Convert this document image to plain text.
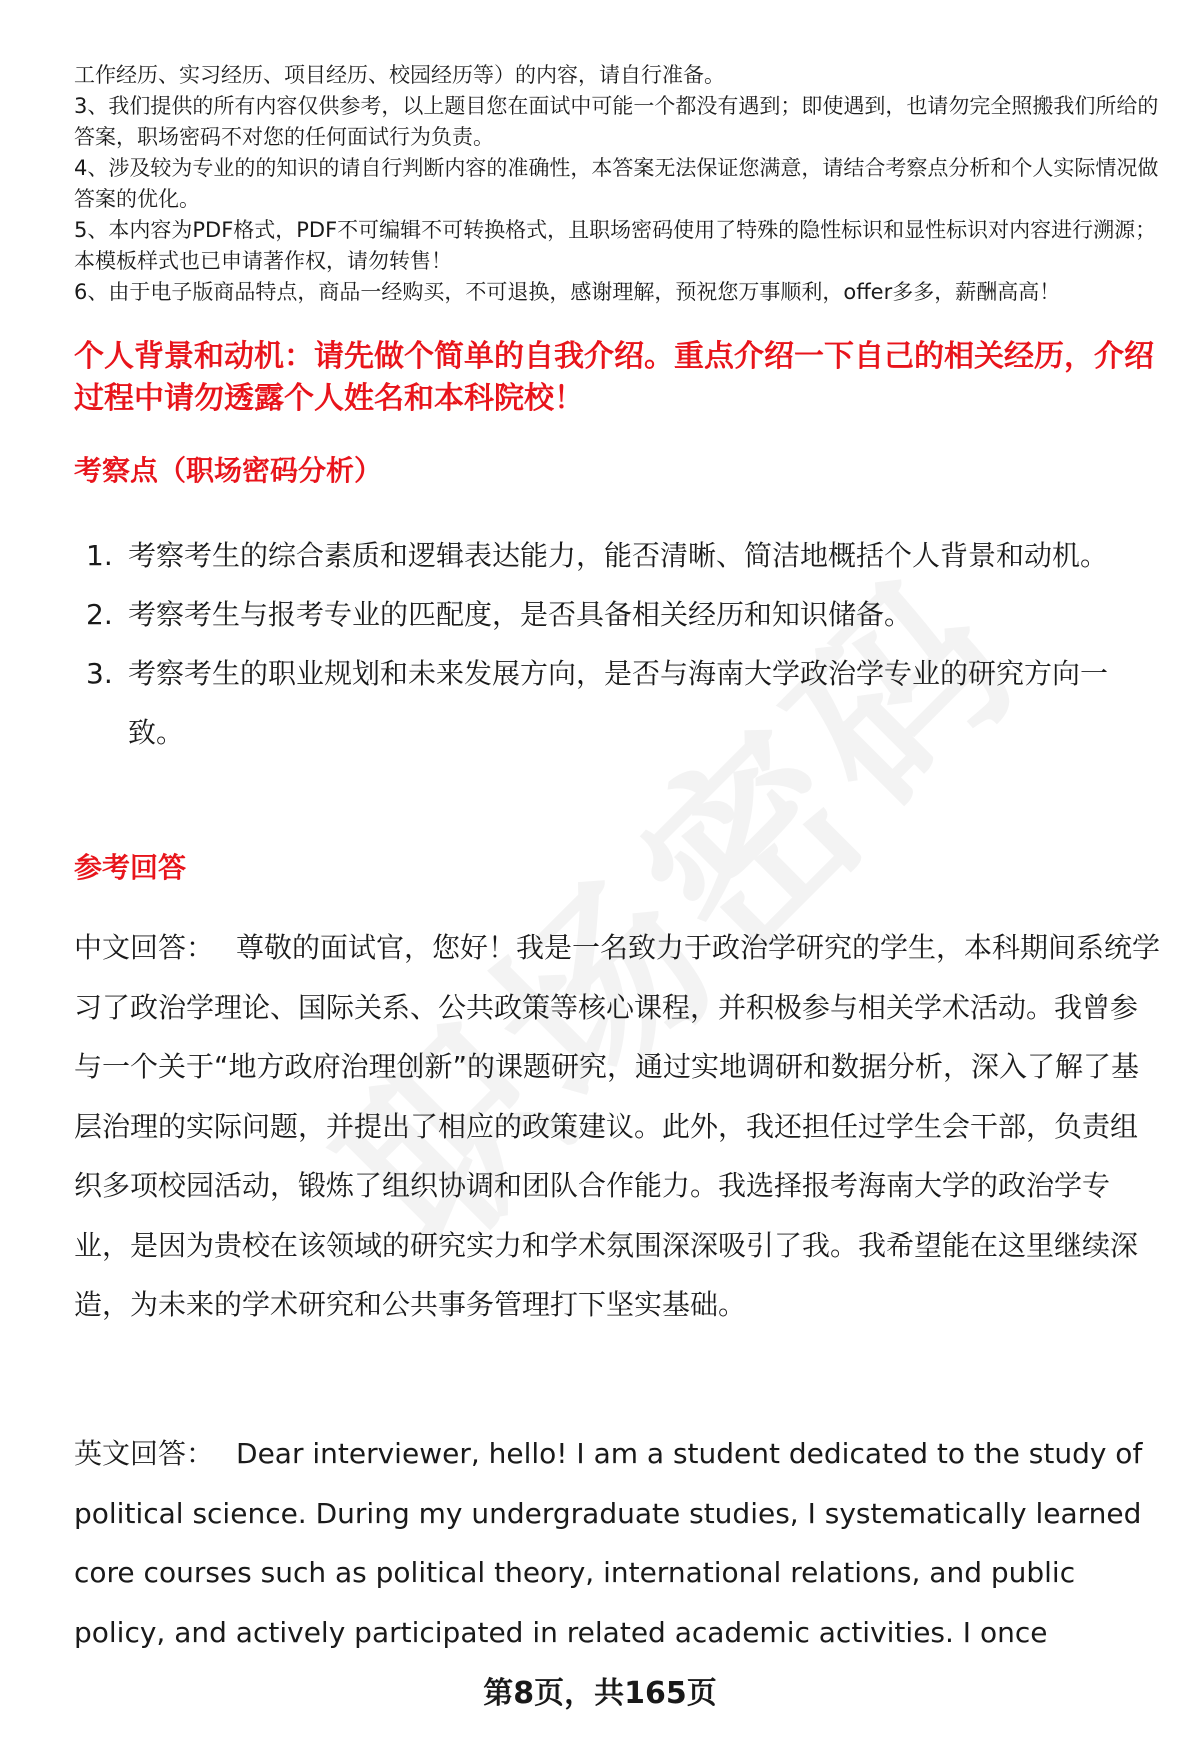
工作经历、实习经历、项目经历、校园经历等）的内容，请自行准备。

3、我们提供的所有内容仅供参考，以上题目您在面试中可能一个都没有遇到；即使遇到，也请勿完全照搬我们所给的答案，职场密码不对您的任何面试行为负责。

4、涉及较为专业的的知识的请自行判断内容的准确性，本答案无法保证您满意，请结合考察点分析和个人实际情况做答案的优化。

5、本内容为PDF格式，PDF不可编辑不可转换格式，且职场密码使用了特殊的隐性标识和显性标识对内容进行溯源；本模板样式也已申请著作权，请勿转售！

6、由于电子版商品特点，商品一经购买，不可退换，感谢理解，预祝您万事顺利，offer多多，薪酬高高！

个人背景和动机：请先做个简单的自我介绍。重点介绍一下自己的相关经历，介绍过程中请勿透露个人姓名和本科院校！
考察点（职场密码分析）
1. 考察考生的综合素质和逻辑表达能力，能否清晰、简洁地概括个人背景和动机。
2. 考察考生与报考专业的匹配度，是否具备相关经历和知识储备。
3. 考察考生的职业规划和未来发展方向，是否与海南大学政治学专业的研究方向一致。
参考回答

中文回答： 尊敬的面试官，您好！我是一名致力于政治学研究的学生，本科期间系统学习了政治学理论、国际关系、公共政策等核心课程，并积极参与相关学术活动。我曾参与一个关于“地方政府治理创新”的课题研究，通过实地调研和数据分析，深入了解了基层治理的实际问题，并提出了相应的政策建议。此外，我还担任过学生会干部，负责组织多项校园活动，锻炼了组织协调和团队合作能力。我选择报考海南大学的政治学专业，是因为贵校在该领域的研究实力和学术氛围深深吸引了我。我希望能在这里继续深造，为未来的学术研究和公共事务管理打下坚实基础。

英文回答： Dear interviewer, hello! I am a student dedicated to the study of political science. During my undergraduate studies, I systematically learned core courses such as political theory, international relations, and public policy, and actively participated in related academic activities. I once

第8页，共165页
